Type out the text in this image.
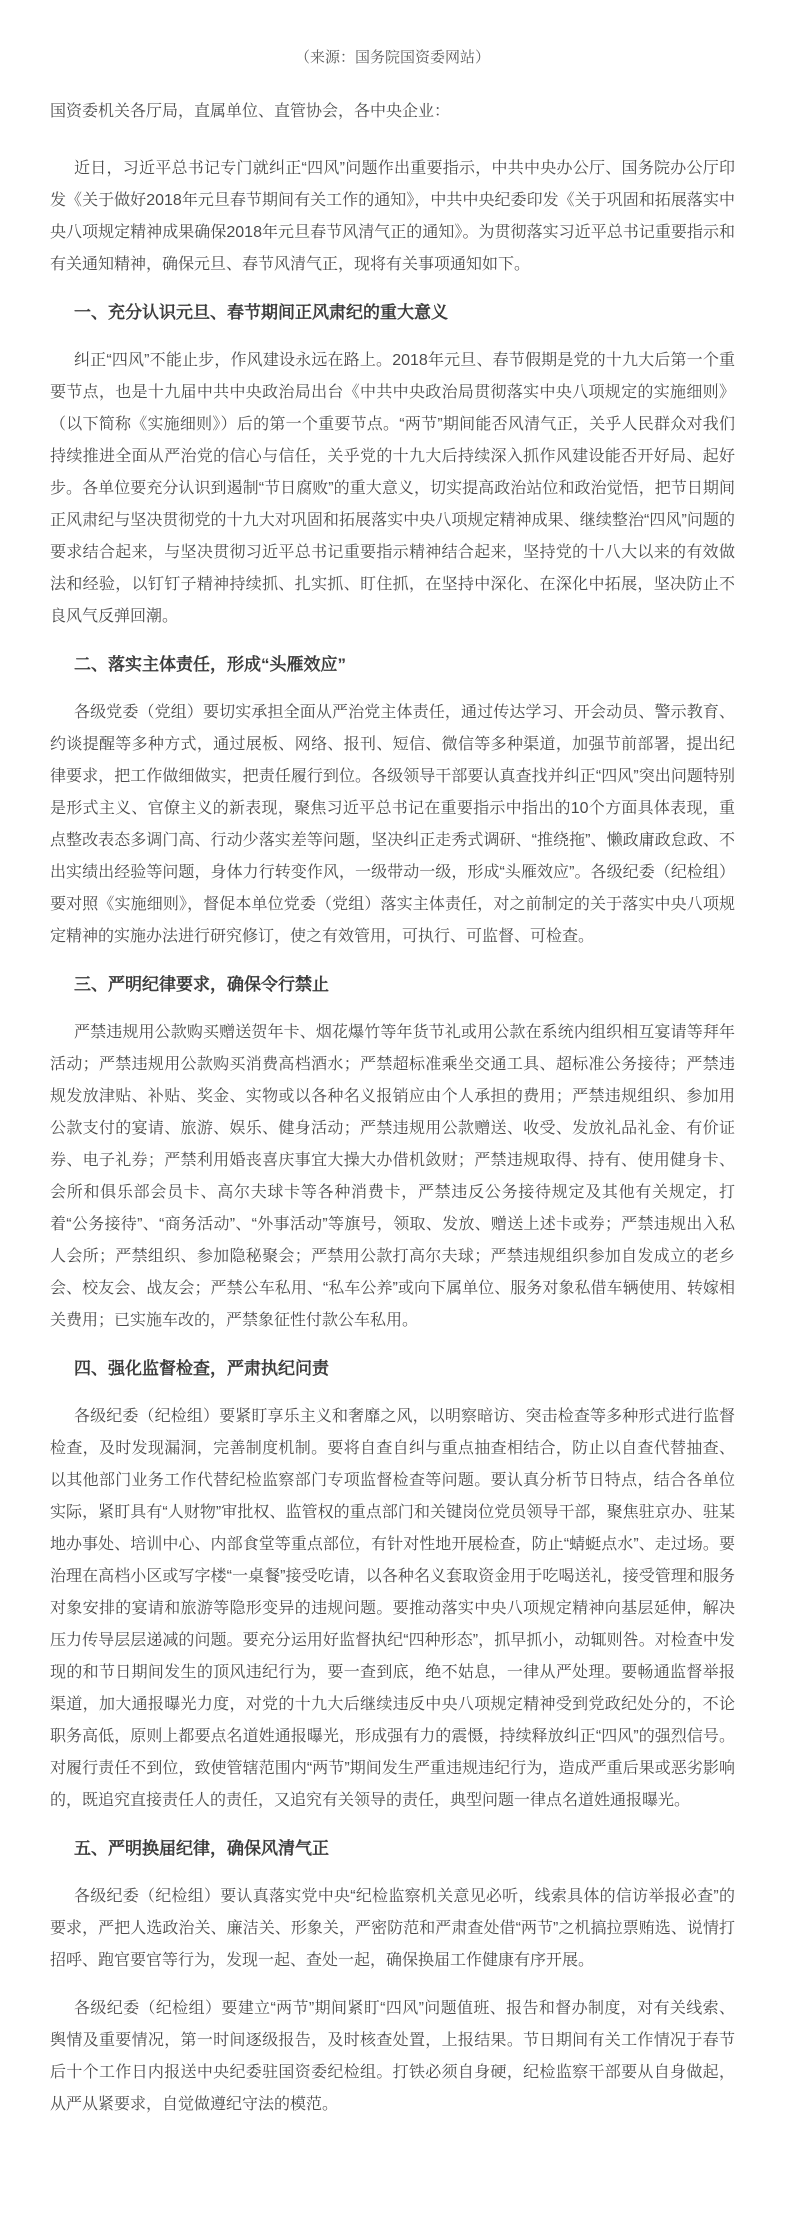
（来源：国务院国资委网站）
国资委机关各厅局，直属单位、直管协会，各中央企业：

近日，习近平总书记专门就纠正“四风”问题作出重要指示，中共中央办公厅、国务院办公厅印发《关于做好2018年元旦春节期间有关工作的通知》，中共中央纪委印发《关于巩固和拓展落实中央八项规定精神成果确保2018年元旦春节风清气正的通知》。为贯彻落实习近平总书记重要指示和有关通知精神，确保元旦、春节风清气正，现将有关事项通知如下。

一、充分认识元旦、春节期间正风肃纪的重大意义

纠正“四风”不能止步，作风建设永远在路上。2018年元旦、春节假期是党的十九大后第一个重要节点，也是十九届中共中央政治局出台《中共中央政治局贯彻落实中央八项规定的实施细则》（以下简称《实施细则》）后的第一个重要节点。“两节”期间能否风清气正，关乎人民群众对我们持续推进全面从严治党的信心与信任，关乎党的十九大后持续深入抓作风建设能否开好局、起好步。各单位要充分认识到遏制“节日腐败”的重大意义，切实提高政治站位和政治觉悟，把节日期间正风肃纪与坚决贯彻党的十九大对巩固和拓展落实中央八项规定精神成果、继续整治“四风”问题的要求结合起来，与坚决贯彻习近平总书记重要指示精神结合起来，坚持党的十八大以来的有效做法和经验，以钉钉子精神持续抓、扎实抓、盯住抓，在坚持中深化、在深化中拓展，坚决防止不良风气反弹回潮。

二、落实主体责任，形成“头雁效应”

各级党委（党组）要切实承担全面从严治党主体责任，通过传达学习、开会动员、警示教育、约谈提醒等多种方式，通过展板、网络、报刊、短信、微信等多种渠道，加强节前部署，提出纪律要求，把工作做细做实，把责任履行到位。各级领导干部要认真查找并纠正“四风”突出问题特别是形式主义、官僚主义的新表现，聚焦习近平总书记在重要指示中指出的10个方面具体表现，重点整改表态多调门高、行动少落实差等问题，坚决纠正走秀式调研、“推绕拖”、懒政庸政怠政、不出实绩出经验等问题，身体力行转变作风，一级带动一级，形成“头雁效应”。各级纪委（纪检组）要对照《实施细则》，督促本单位党委（党组）落实主体责任，对之前制定的关于落实中央八项规定精神的实施办法进行研究修订，使之有效管用，可执行、可监督、可检查。

三、严明纪律要求，确保令行禁止

严禁违规用公款购买赠送贺年卡、烟花爆竹等年货节礼或用公款在系统内组织相互宴请等拜年活动；严禁违规用公款购买消费高档酒水；严禁超标准乘坐交通工具、超标准公务接待；严禁违规发放津贴、补贴、奖金、实物或以各种名义报销应由个人承担的费用；严禁违规组织、参加用公款支付的宴请、旅游、娱乐、健身活动；严禁违规用公款赠送、收受、发放礼品礼金、有价证券、电子礼券；严禁利用婚丧喜庆事宜大操大办借机敛财；严禁违规取得、持有、使用健身卡、会所和俱乐部会员卡、高尔夫球卡等各种消费卡，严禁违反公务接待规定及其他有关规定，打着“公务接待”、“商务活动”、“外事活动”等旗号，领取、发放、赠送上述卡或券；严禁违规出入私人会所；严禁组织、参加隐秘聚会；严禁用公款打高尔夫球；严禁违规组织参加自发成立的老乡会、校友会、战友会；严禁公车私用、“私车公养”或向下属单位、服务对象私借车辆使用、转嫁相关费用；已实施车改的，严禁象征性付款公车私用。

四、强化监督检查，严肃执纪问责

各级纪委（纪检组）要紧盯享乐主义和奢靡之风，以明察暗访、突击检查等多种形式进行监督检查，及时发现漏洞，完善制度机制。要将自查自纠与重点抽查相结合，防止以自查代替抽查、以其他部门业务工作代替纪检监察部门专项监督检查等问题。要认真分析节日特点，结合各单位实际，紧盯具有“人财物”审批权、监管权的重点部门和关键岗位党员领导干部，聚焦驻京办、驻某地办事处、培训中心、内部食堂等重点部位，有针对性地开展检查，防止“蜻蜓点水”、走过场。要治理在高档小区或写字楼“一桌餐”接受吃请，以各种名义套取资金用于吃喝送礼，接受管理和服务对象安排的宴请和旅游等隐形变异的违规问题。要推动落实中央八项规定精神向基层延伸，解决压力传导层层递减的问题。要充分运用好监督执纪“四种形态”，抓早抓小，动辄则咎。对检查中发现的和节日期间发生的顶风违纪行为，要一查到底，绝不姑息，一律从严处理。要畅通监督举报渠道，加大通报曝光力度，对党的十九大后继续违反中央八项规定精神受到党政纪处分的，不论职务高低，原则上都要点名道姓通报曝光，形成强有力的震慑，持续释放纠正“四风”的强烈信号。对履行责任不到位，致使管辖范围内“两节”期间发生严重违规违纪行为，造成严重后果或恶劣影响的，既追究直接责任人的责任，又追究有关领导的责任，典型问题一律点名道姓通报曝光。

五、严明换届纪律，确保风清气正

各级纪委（纪检组）要认真落实党中央“纪检监察机关意见必听，线索具体的信访举报必查”的要求，严把人选政治关、廉洁关、形象关，严密防范和严肃查处借“两节”之机搞拉票贿选、说情打招呼、跑官要官等行为，发现一起、查处一起，确保换届工作健康有序开展。

各级纪委（纪检组）要建立“两节”期间紧盯“四风”问题值班、报告和督办制度，对有关线索、舆情及重要情况，第一时间逐级报告，及时核查处置，上报结果。节日期间有关工作情况于春节后十个工作日内报送中央纪委驻国资委纪检组。打铁必须自身硬，纪检监察干部要从自身做起，从严从紧要求，自觉做遵纪守法的模范。
